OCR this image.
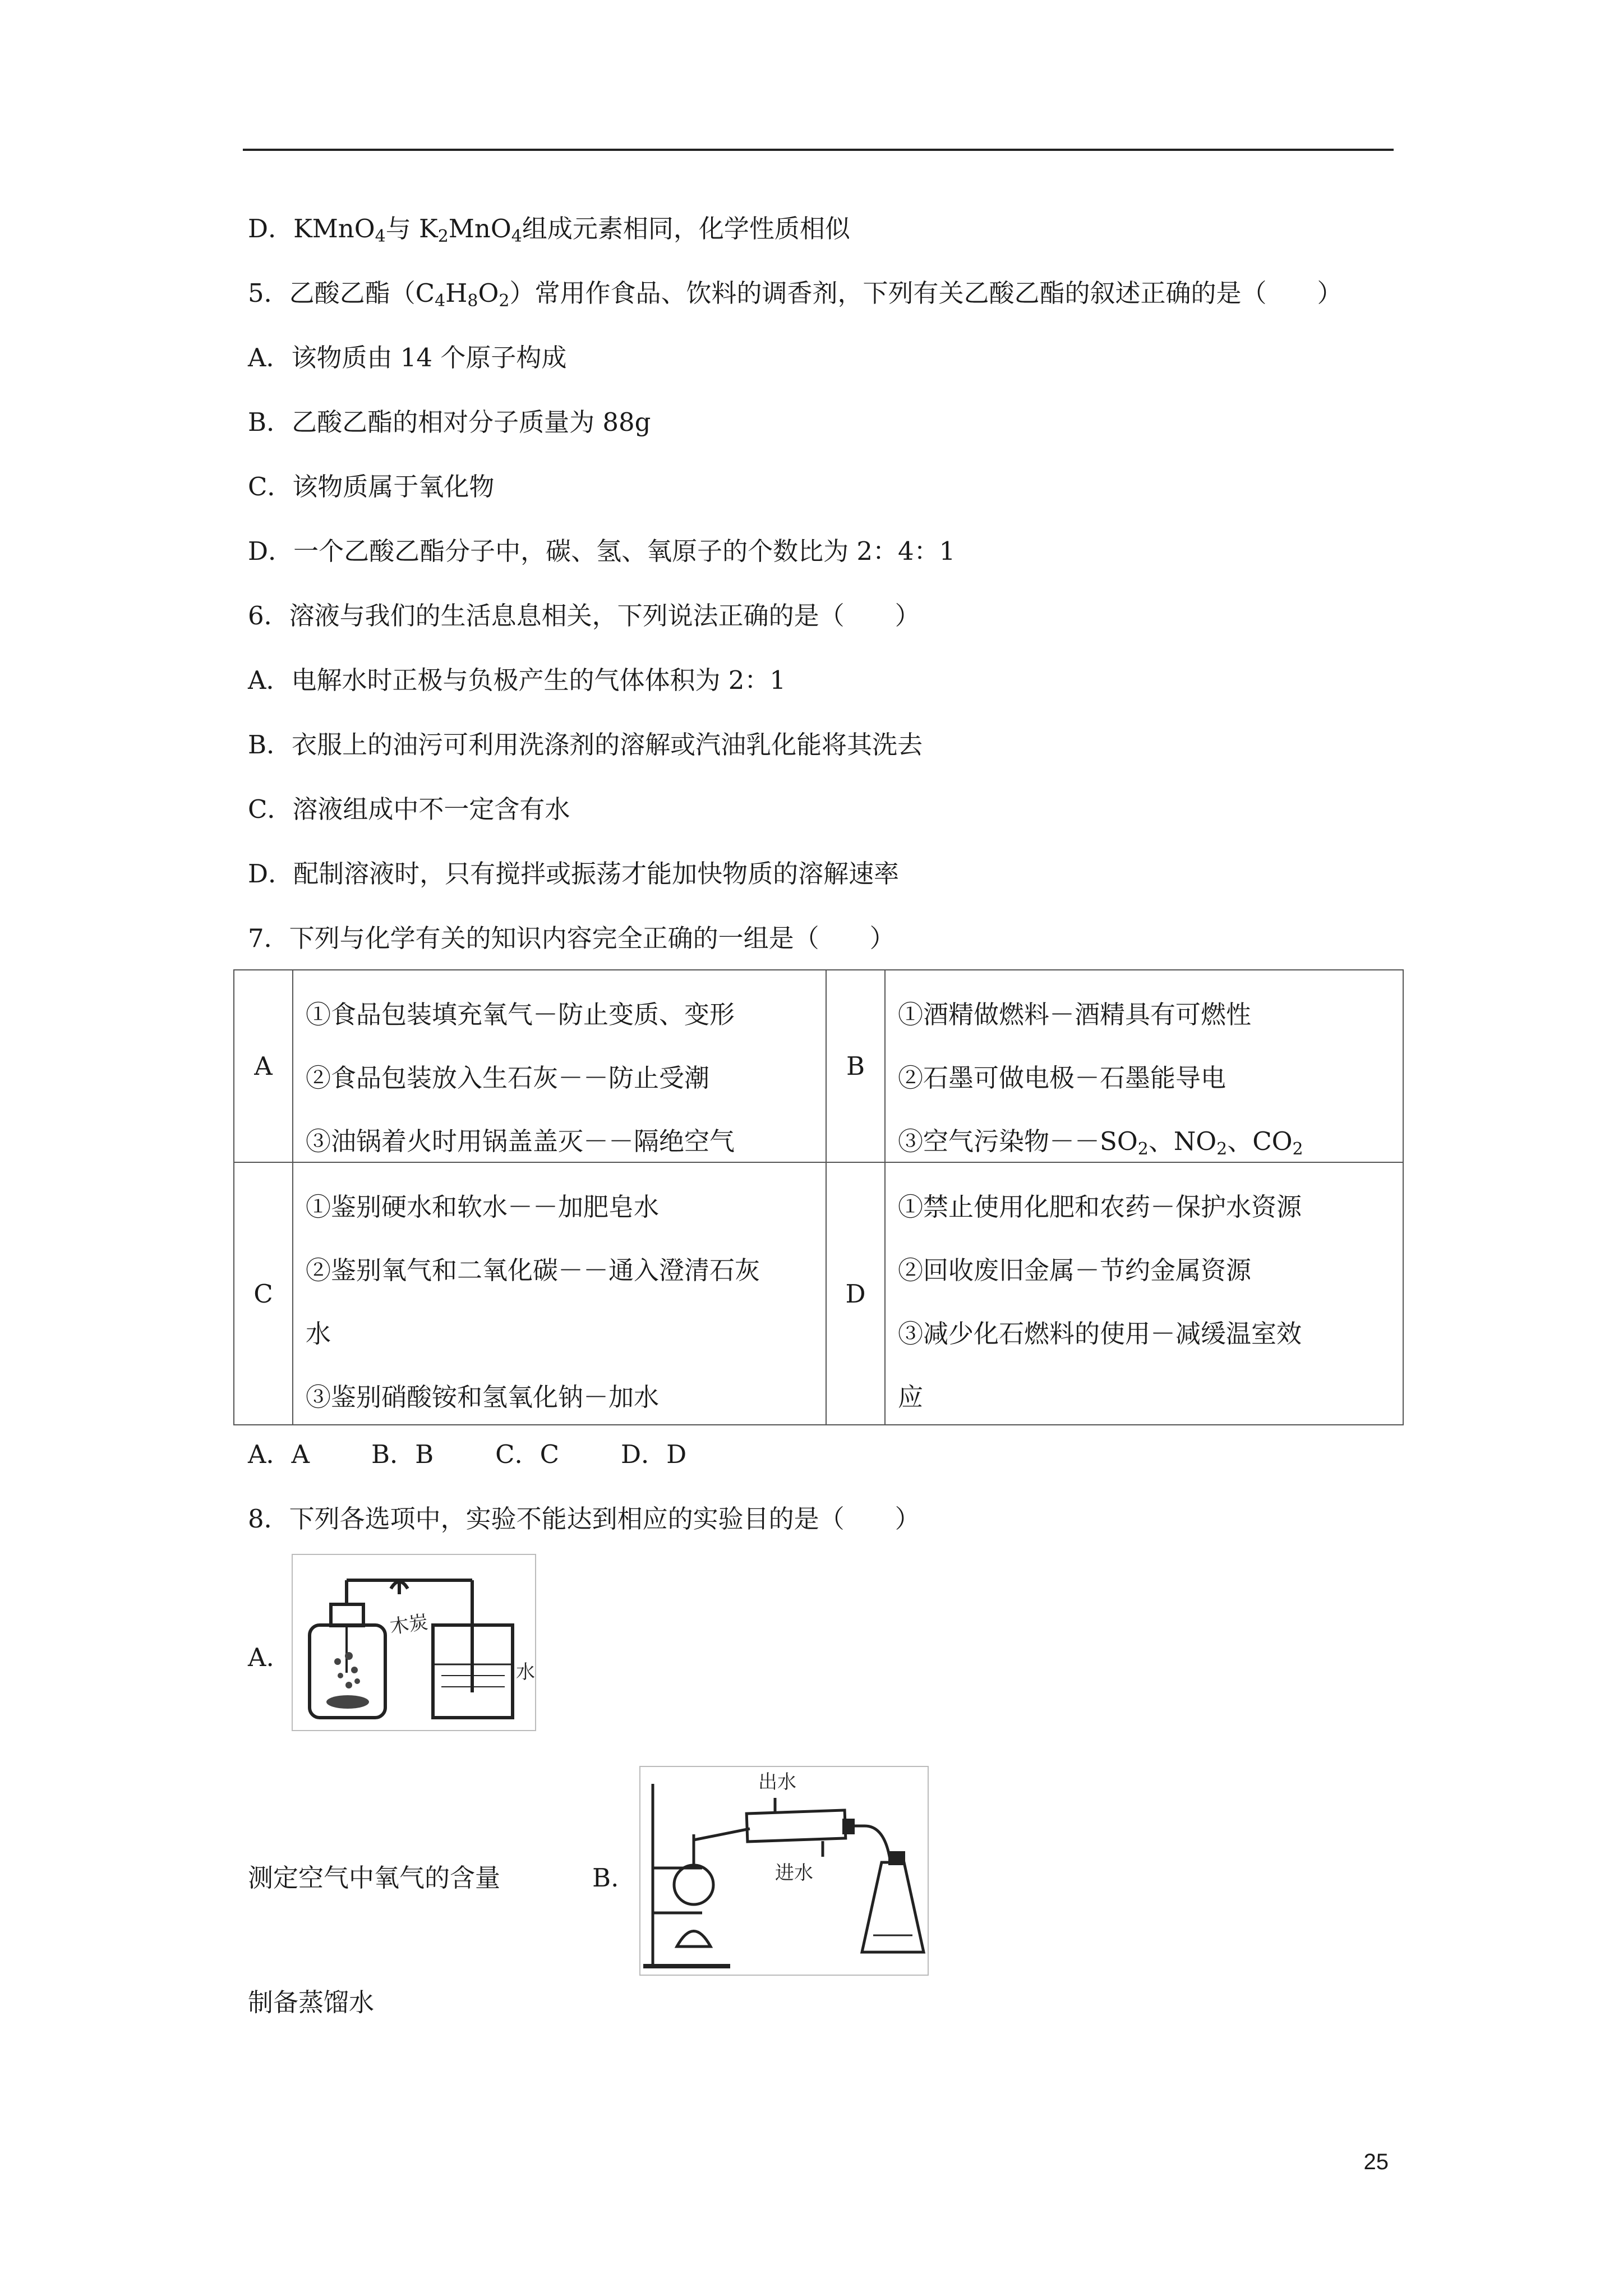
D．KMnO$_4$与 $K_2MnO_4$组成元素相同，化学性质相似
5．乙酸乙酯$(C_4H_8O_2)$常用作食品、饮料的调香剂，下列有关乙酸乙酯的叙述正确的是（　　）
A．该物质由 14 个原子构成
B．乙酸乙酯的相对分子质量为 88g
C．该物质属于氧化物
D．一个乙酸乙酯分子中，碳、氢、氧原子的个数比为 2：4：1
6．溶液与我们的生活息息相关，下列说法正确的是（　　）
A．电解水时正极与负极产生的气体体积为 2：1
B．衣服上的油污可利用洗涤剂的溶解或汽油乳化能将其洗去
C．溶液组成中不一定含有水
D．配制溶液时，只有搅拌或振荡才能加快物质的溶解速率
7．下列与化学有关的知识内容完全正确的一组是（　　）
A
①食品包装填充氧气－防止变质、变形
②食品包装放入生石灰－－防止受潮
③油锅着火时用锅盖盖灭－－隔绝空气
B
①酒精做燃料－酒精具有可燃性
②石墨可做电极－石墨能导电
③空气污染物$--SO_2$、$NO_2$、$CO_2$
C
①鉴别硬水和软水－－加肥皂水
②鉴别氧气和二氧化碳－－通入澄清石灰
水
③鉴别硝酸铵和氢氧化钠－加水
D
①禁止使用化肥和农药－保护水资源
②回收废旧金属－节约金属资源
③减少化石燃料的使用－减缓温室效
应
A．A B．B C．C D．D
8．下列各选项中，实验不能达到相应的实验目的是（　　）
A.
木炭
水
测定空气中氧气的含量	B.
出水
进水
制备蒸馏水
25
